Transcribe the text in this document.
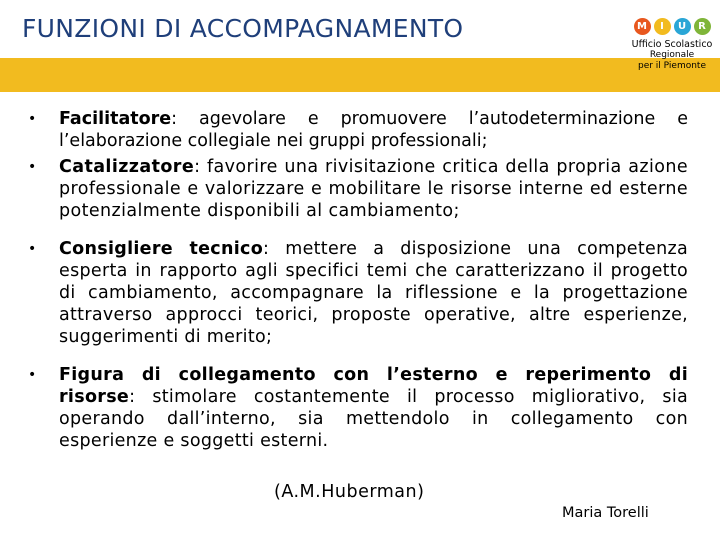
FUNZIONI DI ACCOMPAGNAMENTO	M	I	U	R
Ufficio Scolastico
Regionale
per il Piemonte
• Facilitatore: agevolare e promuovere l’autodeterminazione e l’elaborazione collegiale nei gruppi professionali;
• Catalizzatore: favorire una rivisitazione critica della propria azione professionale e valorizzare e mobilitare le risorse interne ed esterne potenzialmente disponibili al cambiamento;
• Consigliere tecnico: mettere a disposizione una competenza esperta in rapporto agli specifici temi che caratterizzano il progetto di cambiamento, accompagnare la riflessione e la progettazione attraverso approcci teorici, proposte operative, altre esperienze, suggerimenti di merito;
• Figura di collegamento con l’esterno e reperimento di risorse: stimolare costantemente il processo migliorativo, sia operando dall’interno, sia mettendolo in collegamento con esperienze e soggetti esterni.
(A.M.Huberman)
Maria Torelli
